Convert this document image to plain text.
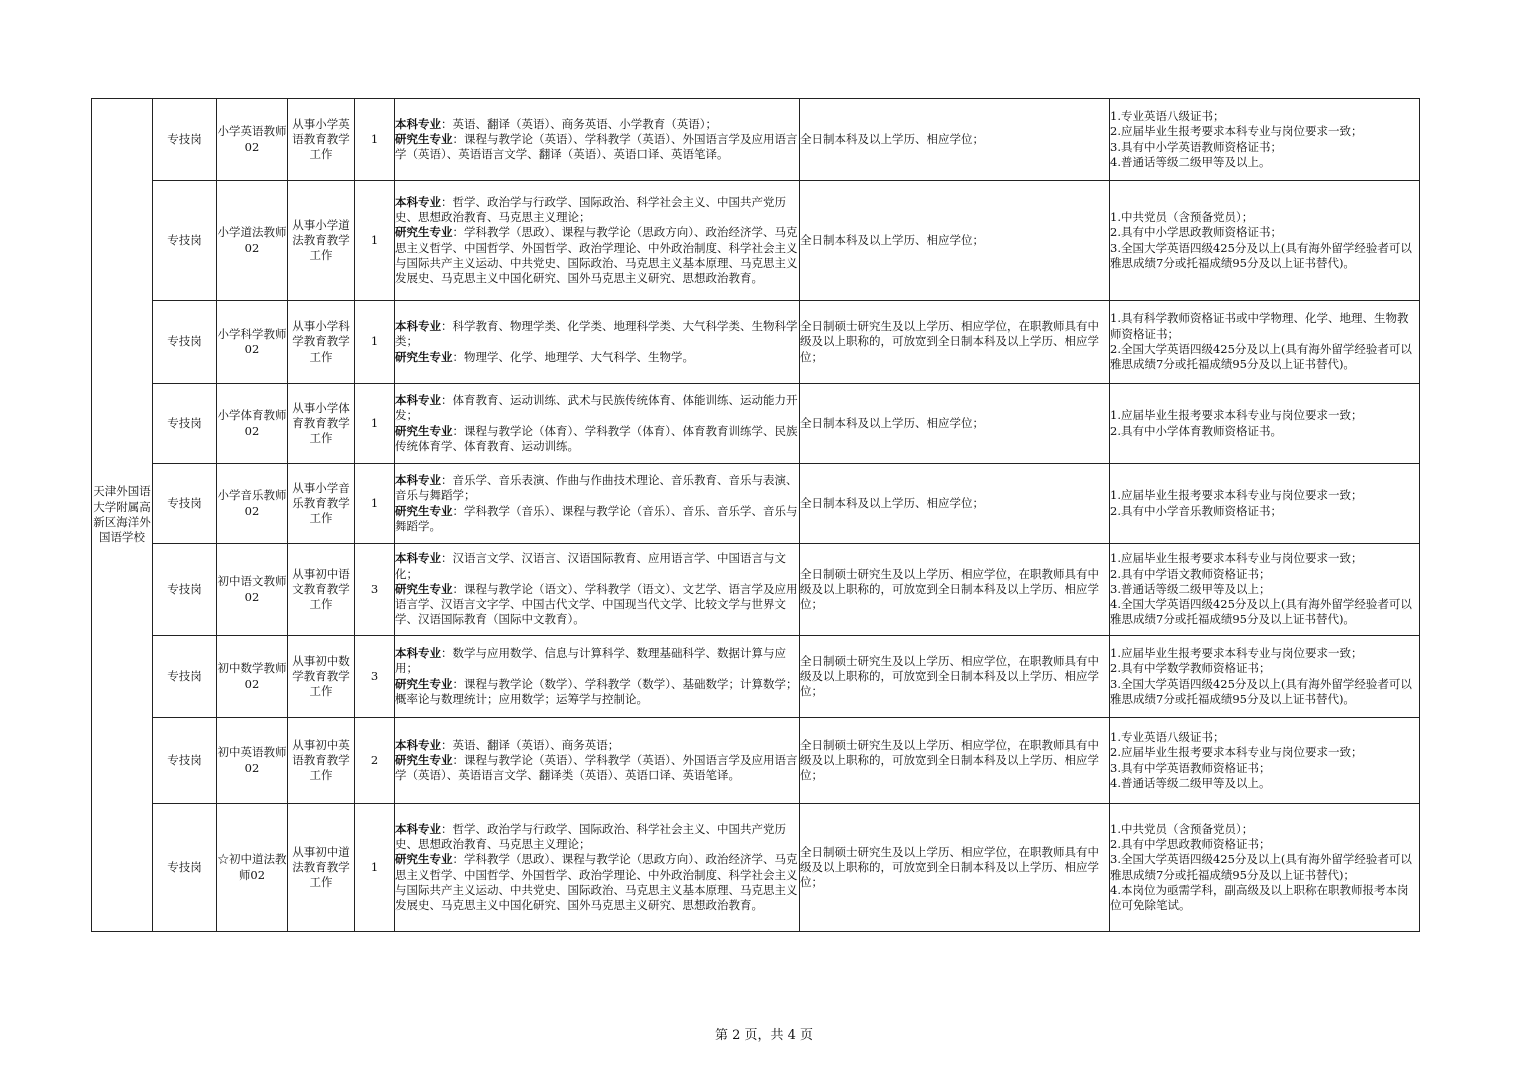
天津外国语大学附属高新区海洋外国语学校	专技岗	小学英语教师02	从事小学英语教育教学工作	1	本科专业：英语、翻译（英语）、商务英语、小学教育（英语）；
研究生专业：课程与教学论（英语）、学科教学（英语）、外国语言学及应用语言学（英语）、英语语言文学、翻译（英语）、英语口译、英语笔译。	全日制本科及以上学历、相应学位；	1.专业英语八级证书；
2.应届毕业生报考要求本科专业与岗位要求一致；
3.具有中小学英语教师资格证书；
4.普通话等级二级甲等及以上。

	专技岗	小学道法教师02	从事小学道法教育教学工作	1	本科专业：哲学、政治学与行政学、国际政治、科学社会主义、中国共产党历史、思想政治教育、马克思主义理论；
研究生专业：学科教学（思政）、课程与教学论（思政方向）、政治经济学、马克思主义哲学、中国哲学、外国哲学、政治学理论、中外政治制度、科学社会主义与国际共产主义运动、中共党史、国际政治、马克思主义基本原理、马克思主义发展史、马克思主义中国化研究、国外马克思主义研究、思想政治教育。	全日制本科及以上学历、相应学位；	1.中共党员（含预备党员）；
2.具有中小学思政教师资格证书；
3.全国大学英语四级425分及以上(具有海外留学经验者可以雅思成绩7分或托福成绩95分及以上证书替代)。

	专技岗	小学科学教师02	从事小学科学教育教学工作	1	本科专业：科学教育、物理学类、化学类、地理科学类、大气科学类、生物科学类；
研究生专业：物理学、化学、地理学、大气科学、生物学。	全日制硕士研究生及以上学历、相应学位，在职教师具有中级及以上职称的，可放宽到全日制本科及以上学历、相应学位；	1.具有科学教师资格证书或中学物理、化学、地理、生物教师资格证书；
2.全国大学英语四级425分及以上(具有海外留学经验者可以雅思成绩7分或托福成绩95分及以上证书替代)。

	专技岗	小学体育教师02	从事小学体育教育教学工作	1	本科专业：体育教育、运动训练、武术与民族传统体育、体能训练、运动能力开发；
研究生专业：课程与教学论（体育）、学科教学（体育）、体育教育训练学、民族传统体育学、体育教育、运动训练。	全日制本科及以上学历、相应学位；	1.应届毕业生报考要求本科专业与岗位要求一致；
2.具有中小学体育教师资格证书。

	专技岗	小学音乐教师02	从事小学音乐教育教学工作	1	本科专业：音乐学、音乐表演、作曲与作曲技术理论、音乐教育、音乐与表演、音乐与舞蹈学；
研究生专业：学科教学（音乐）、课程与教学论（音乐）、音乐、音乐学、音乐与舞蹈学。	全日制本科及以上学历、相应学位；	1.应届毕业生报考要求本科专业与岗位要求一致；
2.具有中小学音乐教师资格证书；

	专技岗	初中语文教师02	从事初中语文教育教学工作	3	本科专业：汉语言文学、汉语言、汉语国际教育、应用语言学、中国语言与文化；
研究生专业：课程与教学论（语文）、学科教学（语文）、文艺学、语言学及应用语言学、汉语言文字学、中国古代文学、中国现当代文学、比较文学与世界文学、汉语国际教育（国际中文教育）。	全日制硕士研究生及以上学历、相应学位，在职教师具有中级及以上职称的，可放宽到全日制本科及以上学历、相应学位；	1.应届毕业生报考要求本科专业与岗位要求一致；
2.具有中学语文教师资格证书；
3.普通话等级二级甲等及以上；
4.全国大学英语四级425分及以上(具有海外留学经验者可以雅思成绩7分或托福成绩95分及以上证书替代)。

	专技岗	初中数学教师02	从事初中数学教育教学工作	3	本科专业：数学与应用数学、信息与计算科学、数理基础科学、数据计算与应用；
研究生专业：课程与教学论（数学）、学科教学（数学）、基础数学；计算数学；概率论与数理统计；应用数学；运筹学与控制论。	全日制硕士研究生及以上学历、相应学位，在职教师具有中级及以上职称的，可放宽到全日制本科及以上学历、相应学位；	1.应届毕业生报考要求本科专业与岗位要求一致；
2.具有中学数学教师资格证书；
3.全国大学英语四级425分及以上(具有海外留学经验者可以雅思成绩7分或托福成绩95分及以上证书替代)。

	专技岗	初中英语教师02	从事初中英语教育教学工作	2	本科专业：英语、翻译（英语）、商务英语；
研究生专业：课程与教学论（英语）、学科教学（英语）、外国语言学及应用语言学（英语）、英语语言文学、翻译类（英语）、英语口译、英语笔译。	全日制硕士研究生及以上学历、相应学位，在职教师具有中级及以上职称的，可放宽到全日制本科及以上学历、相应学位；	1.专业英语八级证书；
2.应届毕业生报考要求本科专业与岗位要求一致；
3.具有中学英语教师资格证书；
4.普通话等级二级甲等及以上。

	专技岗	☆初中道法教师02	从事初中道法教育教学工作	1	本科专业：哲学、政治学与行政学、国际政治、科学社会主义、中国共产党历史、思想政治教育、马克思主义理论；
研究生专业：学科教学（思政）、课程与教学论（思政方向）、政治经济学、马克思主义哲学、中国哲学、外国哲学、政治学理论、中外政治制度、科学社会主义与国际共产主义运动、中共党史、国际政治、马克思主义基本原理、马克思主义发展史、马克思主义中国化研究、国外马克思主义研究、思想政治教育。	全日制硕士研究生及以上学历、相应学位，在职教师具有中级及以上职称的，可放宽到全日制本科及以上学历、相应学位；	1.中共党员（含预备党员）；
2.具有中学思政教师资格证书；
3.全国大学英语四级425分及以上(具有海外留学经验者可以雅思成绩7分或托福成绩95分及以上证书替代)；
4.本岗位为亟需学科，副高级及以上职称在职教师报考本岗位可免除笔试。
第 2 页，共 4 页
